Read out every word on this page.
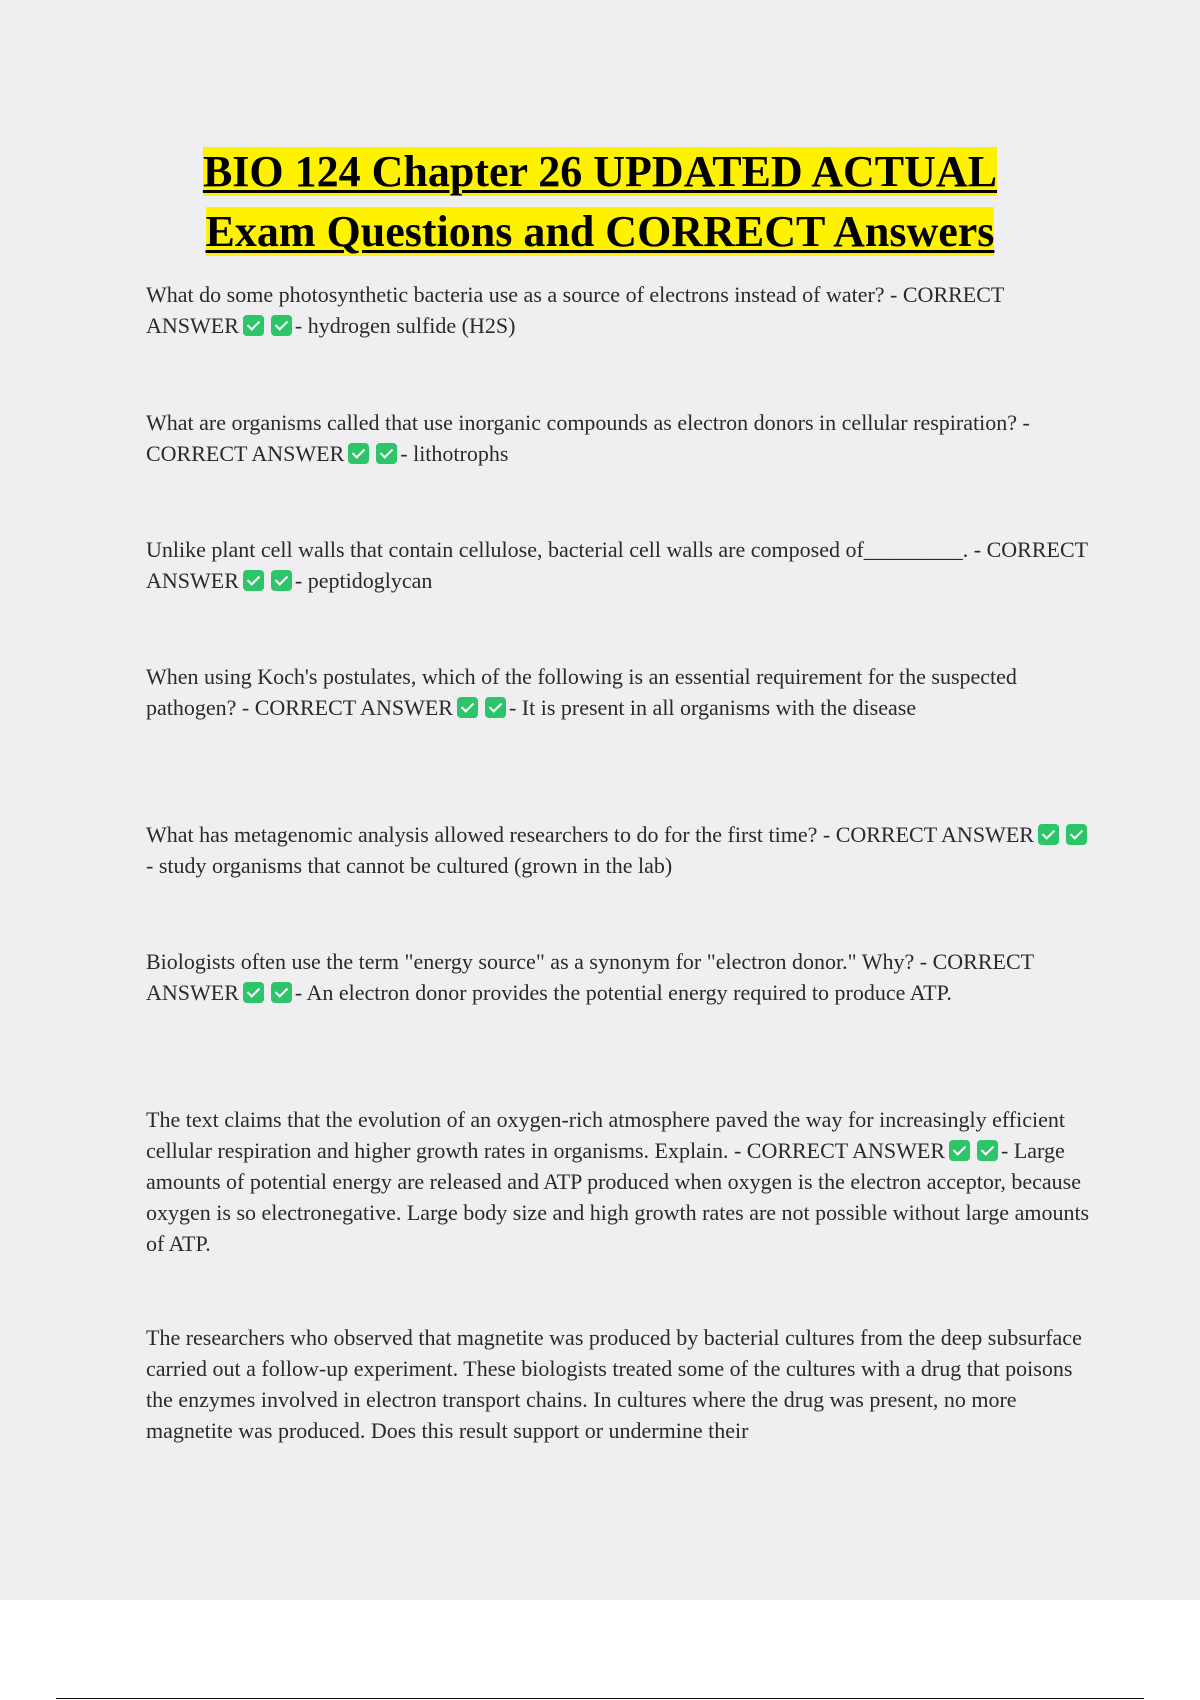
BIO 124 Chapter 26 UPDATED ACTUAL
Exam Questions and CORRECT Answers

What do some photosynthetic bacteria use as a source of electrons instead of water? - CORRECT ANSWER	- hydrogen sulfide (H2S)

What are organisms called that use inorganic compounds as electron donors in cellular respiration? - CORRECT ANSWER	- lithotrophs

Unlike plant cell walls that contain cellulose, bacterial cell walls are composed of_________. - CORRECT ANSWER	- peptidoglycan

When using Koch's postulates, which of the following is an essential requirement for the suspected pathogen? - CORRECT ANSWER	- It is present in all organisms with the disease

What has metagenomic analysis allowed researchers to do for the first time? - CORRECT ANSWER- study organisms that cannot be cultured (grown in the lab)

Biologists often use the term "energy source" as a synonym for "electron donor." Why? - CORRECT ANSWER	- An electron donor provides the potential energy required to produce ATP.

The text claims that the evolution of an oxygen-rich atmosphere paved the way for increasingly efficient cellular respiration and higher growth rates in organisms. Explain. - CORRECT ANSWER	- Large amounts of potential energy are released and ATP produced when oxygen is the electron acceptor, because oxygen is so electronegative. Large body size and high growth rates are not possible without large amounts of ATP.

The researchers who observed that magnetite was produced by bacterial cultures from the deep subsurface carried out a follow-up experiment. These biologists treated some of the cultures with a drug that poisons the enzymes involved in electron transport chains. In cultures where the drug was present, no more magnetite was produced. Does this result support or undermine their
